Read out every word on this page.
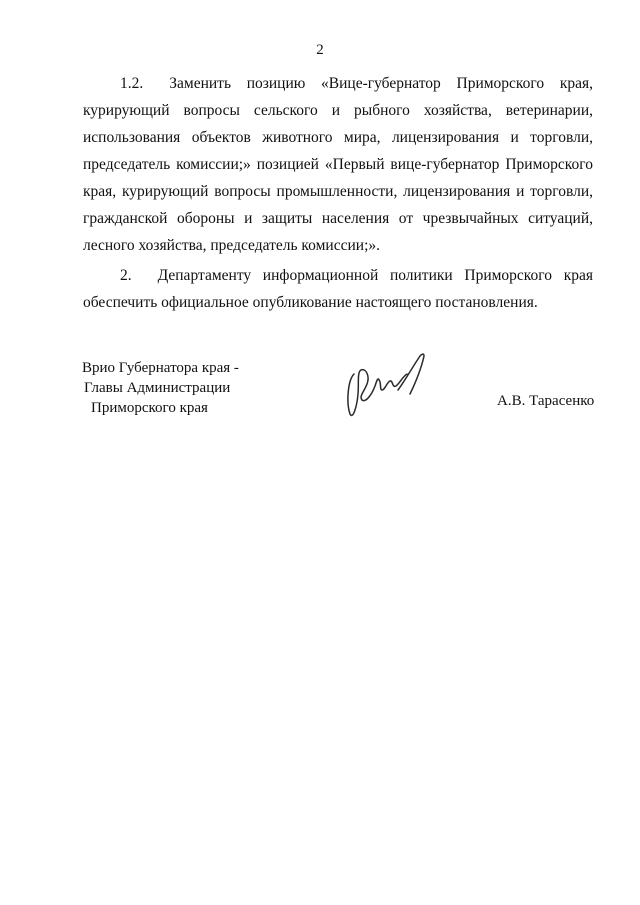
2

1.2. Заменить позицию «Вице-губернатор Приморского края, курирующий вопросы сельского и рыбного хозяйства, ветеринарии, использования объектов животного мира, лицензирования и торговли, председатель комиссии;» позицией «Первый вице-губернатор Приморского края, курирующий вопросы промышленности, лицензирования и торговли, гражданской обороны и защиты населения от чрезвычайных ситуаций, лесного хозяйства, председатель комиссии;».

2. Департаменту информационной политики Приморского края обеспечить официальное опубликование настоящего постановления.

Врио Губернатора края -
Главы Администрации
Приморского края	А.В. Тарасенко
